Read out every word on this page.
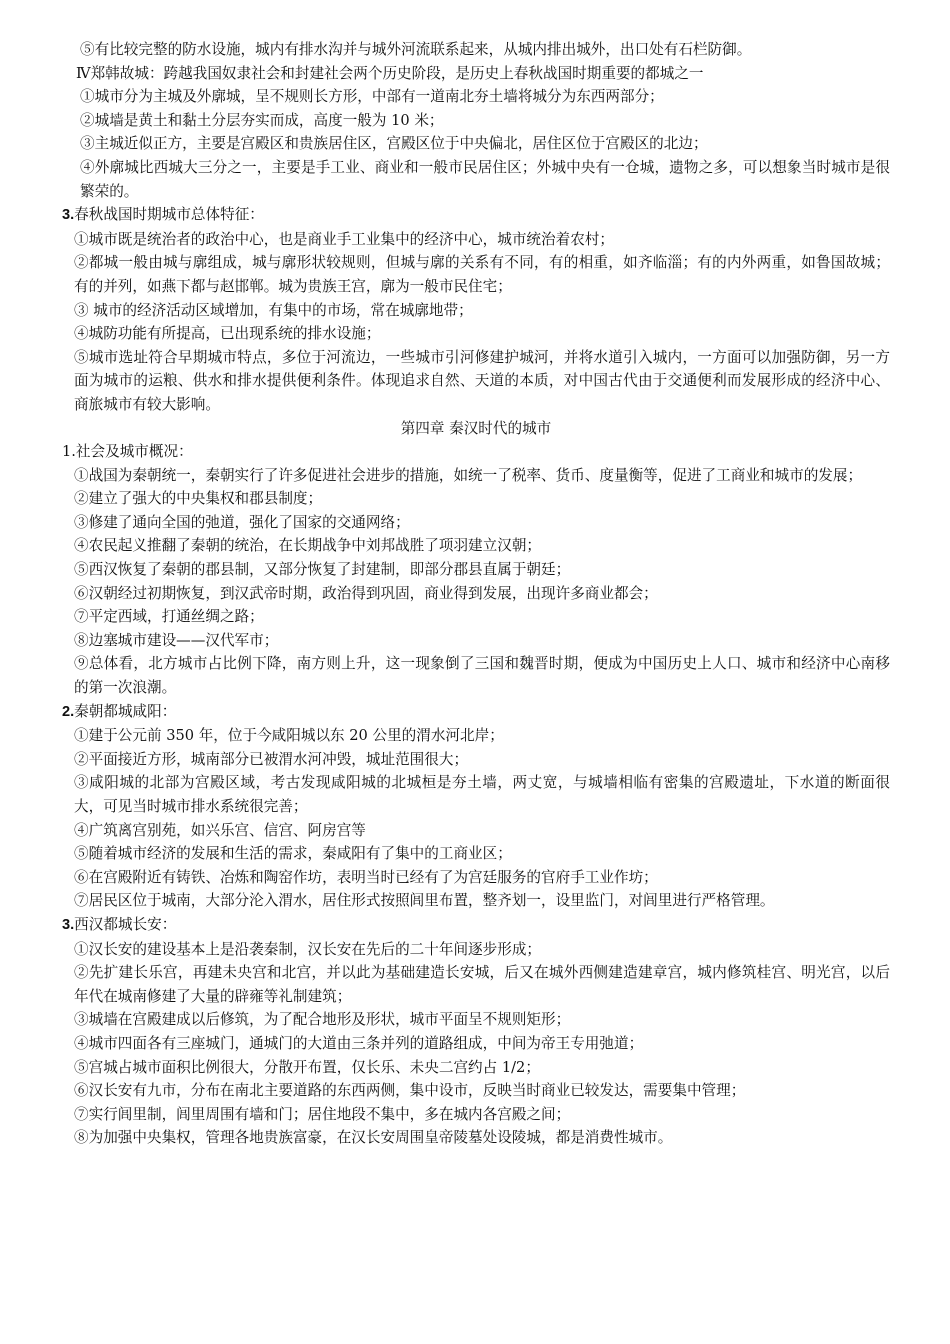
⑤有比较完整的防水设施，城内有排水沟并与城外河流联系起来，从城内排出城外，出口处有石栏防御。

Ⅳ郑韩故城：跨越我国奴隶社会和封建社会两个历史阶段，是历史上春秋战国时期重要的都城之一

①城市分为主城及外廓城，呈不规则长方形，中部有一道南北夯土墙将城分为东西两部分；

②城墙是黄土和黏土分层夯实而成，高度一般为 10 米；

③主城近似正方，主要是宫殿区和贵族居住区，宫殿区位于中央偏北，居住区位于宫殿区的北边；

④外廓城比西城大三分之一，主要是手工业、商业和一般市民居住区；外城中央有一仓城，遗物之多，可以想象当时城市是很繁荣的。

3.春秋战国时期城市总体特征：

①城市既是统治者的政治中心，也是商业手工业集中的经济中心，城市统治着农村；

②都城一般由城与廓组成，城与廓形状较规则，但城与廓的关系有不同，有的相重，如齐临淄；有的内外两重，如鲁国故城；有的并列，如燕下都与赵邯郸。城为贵族王宫，廓为一般市民住宅；

③ 城市的经济活动区域增加，有集中的市场，常在城廓地带；

④城防功能有所提高，已出现系统的排水设施；

⑤城市选址符合早期城市特点，多位于河流边，一些城市引河修建护城河，并将水道引入城内，一方面可以加强防御，另一方面为城市的运粮、供水和排水提供便利条件。体现追求自然、天道的本质，对中国古代由于交通便利而发展形成的经济中心、商旅城市有较大影响。

第四章 秦汉时代的城市

1.社会及城市概况：

①战国为秦朝统一，秦朝实行了许多促进社会进步的措施，如统一了税率、货币、度量衡等，促进了工商业和城市的发展；

②建立了强大的中央集权和郡县制度；

③修建了通向全国的弛道，强化了国家的交通网络；

④农民起义推翻了秦朝的统治，在长期战争中刘邦战胜了项羽建立汉朝；

⑤西汉恢复了秦朝的郡县制，又部分恢复了封建制，即部分郡县直属于朝廷；

⑥汉朝经过初期恢复，到汉武帝时期，政治得到巩固，商业得到发展，出现许多商业都会；

⑦平定西域，打通丝绸之路；

⑧边塞城市建设——汉代军市；

⑨总体看，北方城市占比例下降，南方则上升，这一现象倒了三国和魏晋时期，便成为中国历史上人口、城市和经济中心南移的第一次浪潮。

2.秦朝都城咸阳：

①建于公元前 350 年，位于今咸阳城以东 20 公里的渭水河北岸；

②平面接近方形，城南部分已被渭水河冲毁，城址范围很大；

③咸阳城的北部为宫殿区域，考古发现咸阳城的北城桓是夯土墙，两丈宽，与城墙相临有密集的宫殿遗址，下水道的断面很大，可见当时城市排水系统很完善；

④广筑离宫别苑，如兴乐宫、信宫、阿房宫等

⑤随着城市经济的发展和生活的需求，秦咸阳有了集中的工商业区；

⑥在宫殿附近有铸铁、冶炼和陶窑作坊，表明当时已经有了为宫廷服务的官府手工业作坊；

⑦居民区位于城南，大部分沦入渭水，居住形式按照闾里布置，整齐划一，设里监门，对闾里进行严格管理。

3.西汉都城长安：

①汉长安的建设基本上是沿袭秦制，汉长安在先后的二十年间逐步形成；

②先扩建长乐宫，再建未央宫和北宫，并以此为基础建造长安城，后又在城外西侧建造建章宫，城内修筑桂宫、明光宫，以后年代在城南修建了大量的辟雍等礼制建筑；

③城墙在宫殿建成以后修筑，为了配合地形及形状，城市平面呈不规则矩形；

④城市四面各有三座城门，通城门的大道由三条并列的道路组成，中间为帝王专用弛道；

⑤宫城占城市面积比例很大，分散开布置，仅长乐、未央二宫约占 1/2；

⑥汉长安有九市，分布在南北主要道路的东西两侧，集中设市，反映当时商业已较发达，需要集中管理；

⑦实行闾里制，闾里周围有墙和门；居住地段不集中，多在城内各宫殿之间；

⑧为加强中央集权，管理各地贵族富豪，在汉长安周围皇帝陵墓处设陵城，都是消费性城市。
